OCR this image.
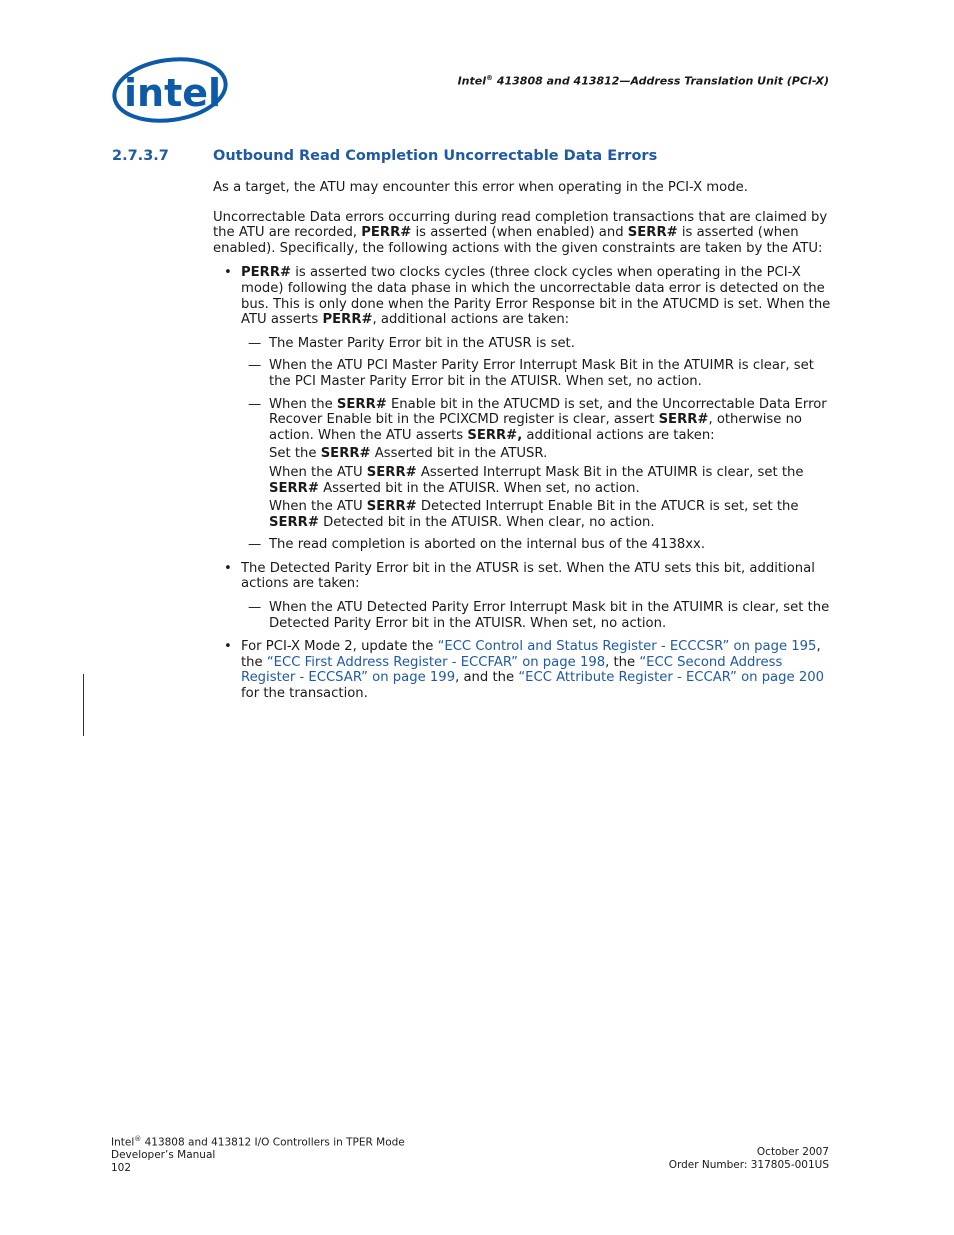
intel	Intel® 413808 and 413812—Address Translation Unit (PCI-X)
2.7.3.7	Outbound Read Completion Uncorrectable Data Errors

As a target, the ATU may encounter this error when operating in the PCI-X mode.

Uncorrectable Data errors occurring during read completion transactions that are claimed by the ATU are recorded, PERR# is asserted (when enabled) and SERR# is asserted (when enabled). Specifically, the following actions with the given constraints are taken by the ATU:

• PERR# is asserted two clocks cycles (three clock cycles when operating in the PCI-X mode) following the data phase in which the uncorrectable data error is detected on the bus. This is only done when the Parity Error Response bit in the ATUCMD is set. When the ATU asserts PERR#, additional actions are taken:
— The Master Parity Error bit in the ATUSR is set.
— When the ATU PCI Master Parity Error Interrupt Mask Bit in the ATUIMR is clear, set the PCI Master Parity Error bit in the ATUISR. When set, no action.
— When the SERR# Enable bit in the ATUCMD is set, and the Uncorrectable Data Error Recover Enable bit in the PCIXCMD register is clear, assert SERR#, otherwise no action. When the ATU asserts SERR#, additional actions are taken:

Set the SERR# Asserted bit in the ATUSR.

When the ATU SERR# Asserted Interrupt Mask Bit in the ATUIMR is clear, set the SERR# Asserted bit in the ATUISR. When set, no action.

When the ATU SERR# Detected Interrupt Enable Bit in the ATUCR is set, set the SERR# Detected bit in the ATUISR. When clear, no action.

— The read completion is aborted on the internal bus of the 4138xx.
• The Detected Parity Error bit in the ATUSR is set. When the ATU sets this bit, additional actions are taken:
— When the ATU Detected Parity Error Interrupt Mask bit in the ATUIMR is clear, set the Detected Parity Error bit in the ATUISR. When set, no action.
• For PCI-X Mode 2, update the “ECC Control and Status Register - ECCCSR” on page 195, the “ECC First Address Register - ECCFAR” on page 198, the “ECC Second Address Register - ECCSAR” on page 199, and the “ECC Attribute Register - ECCAR” on page 200 for the transaction.
Intel® 413808 and 413812 I/O Controllers in TPER Mode
Developer’s Manual
102
October 2007
Order Number: 317805-001US
